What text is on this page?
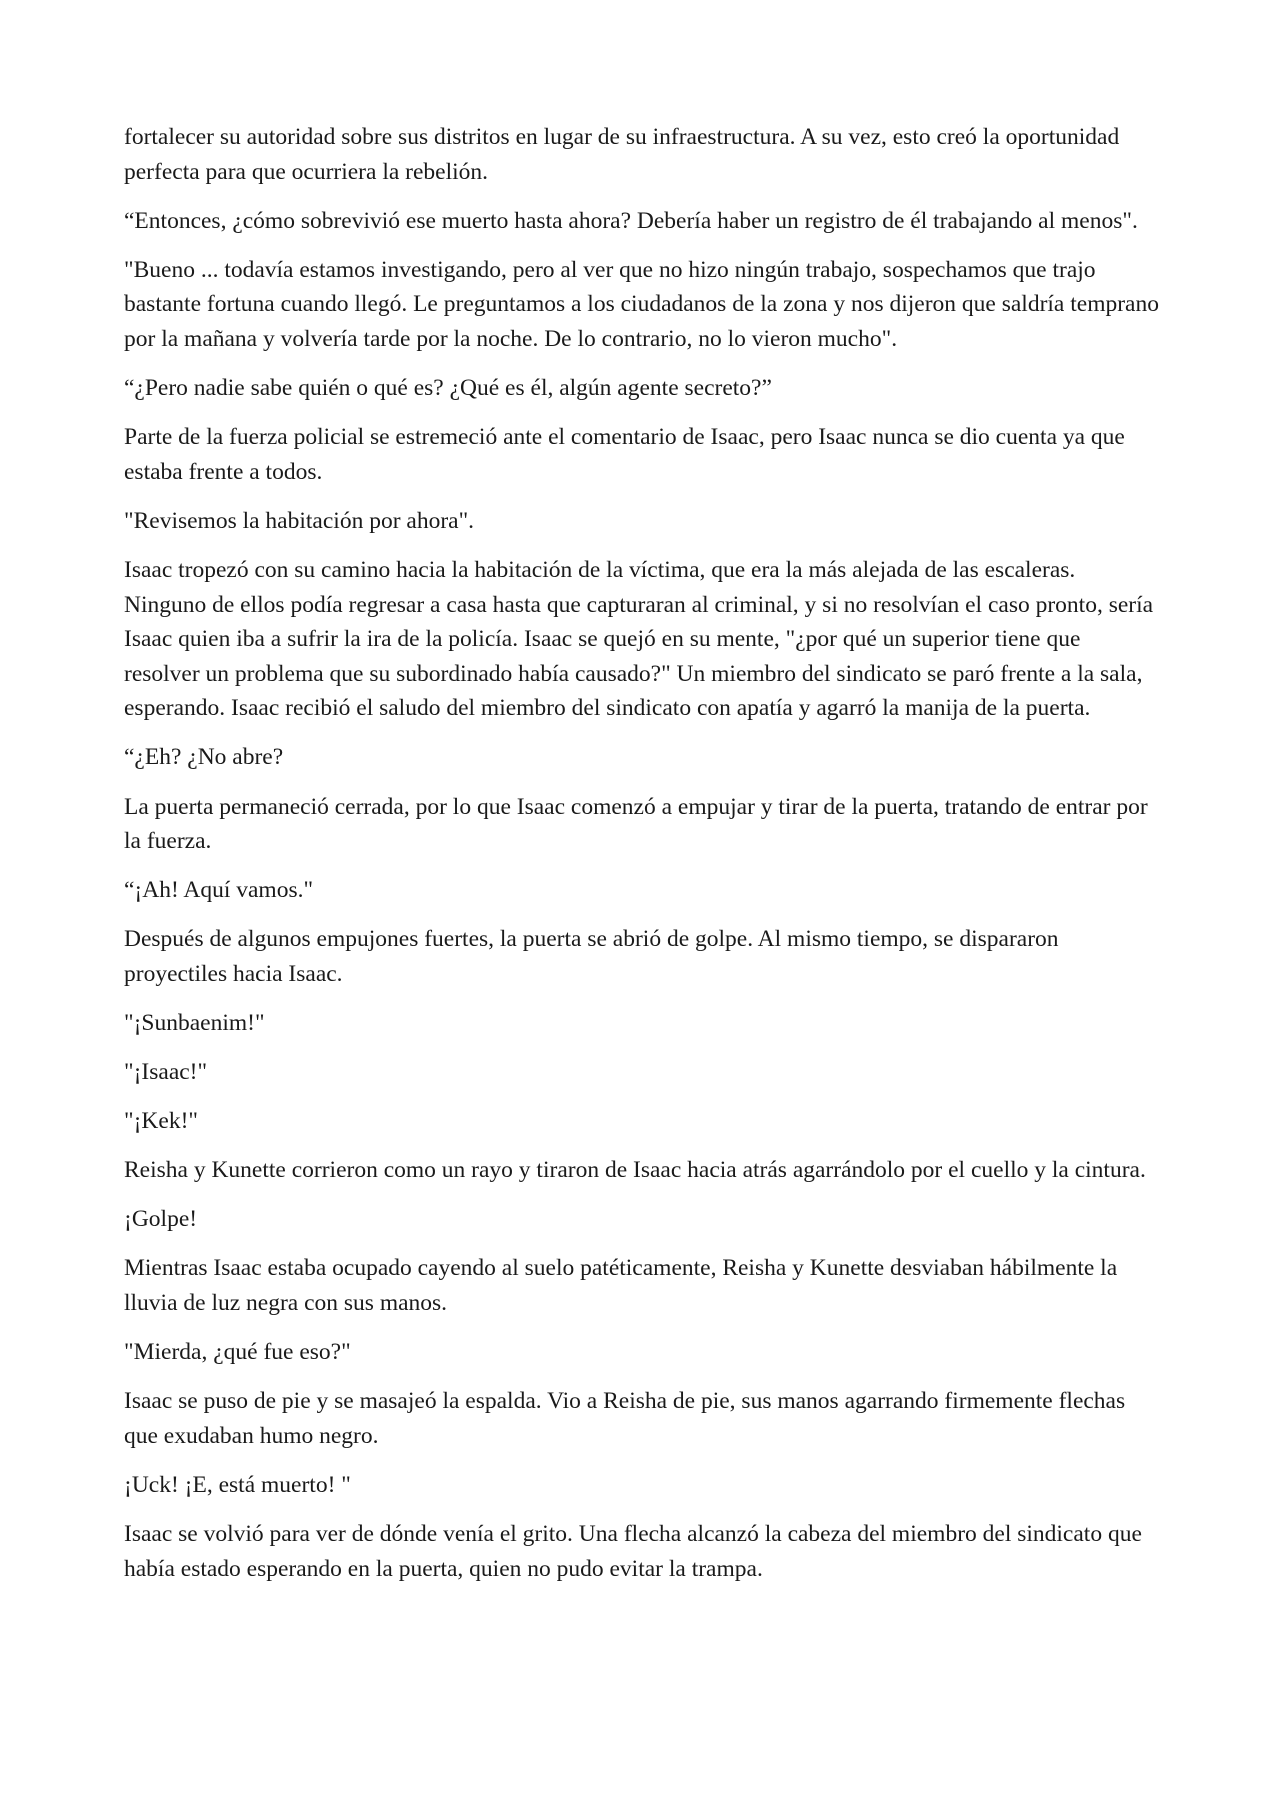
fortalecer su autoridad sobre sus distritos en lugar de su infraestructura. A su vez, esto creó la oportunidad perfecta para que ocurriera la rebelión.

“Entonces, ¿cómo sobrevivió ese muerto hasta ahora? Debería haber un registro de él trabajando al menos".

"Bueno ... todavía estamos investigando, pero al ver que no hizo ningún trabajo, sospechamos que trajo bastante fortuna cuando llegó. Le preguntamos a los ciudadanos de la zona y nos dijeron que saldría temprano por la mañana y volvería tarde por la noche. De lo contrario, no lo vieron mucho".

“¿Pero nadie sabe quién o qué es? ¿Qué es él, algún agente secreto?”

Parte de la fuerza policial se estremeció ante el comentario de Isaac, pero Isaac nunca se dio cuenta ya que estaba frente a todos.

"Revisemos la habitación por ahora".

Isaac tropezó con su camino hacia la habitación de la víctima, que era la más alejada de las escaleras. Ninguno de ellos podía regresar a casa hasta que capturaran al criminal, y si no resolvían el caso pronto, sería Isaac quien iba a sufrir la ira de la policía. Isaac se quejó en su mente, "¿por qué un superior tiene que resolver un problema que su subordinado había causado?" Un miembro del sindicato se paró frente a la sala, esperando. Isaac recibió el saludo del miembro del sindicato con apatía y agarró la manija de la puerta.

“¿Eh? ¿No abre?

La puerta permaneció cerrada, por lo que Isaac comenzó a empujar y tirar de la puerta, tratando de entrar por la fuerza.

“¡Ah! Aquí vamos."

Después de algunos empujones fuertes, la puerta se abrió de golpe. Al mismo tiempo, se dispararon proyectiles hacia Isaac.

"¡Sunbaenim!"

"¡Isaac!"

"¡Kek!"

Reisha y Kunette corrieron como un rayo y tiraron de Isaac hacia atrás agarrándolo por el cuello y la cintura.

¡Golpe!

Mientras Isaac estaba ocupado cayendo al suelo patéticamente, Reisha y Kunette desviaban hábilmente la lluvia de luz negra con sus manos.

"Mierda, ¿qué fue eso?"

Isaac se puso de pie y se masajeó la espalda. Vio a Reisha de pie, sus manos agarrando firmemente flechas que exudaban humo negro.

¡Uck! ¡E, está muerto! "

Isaac se volvió para ver de dónde venía el grito. Una flecha alcanzó la cabeza del miembro del sindicato que había estado esperando en la puerta, quien no pudo evitar la trampa.
